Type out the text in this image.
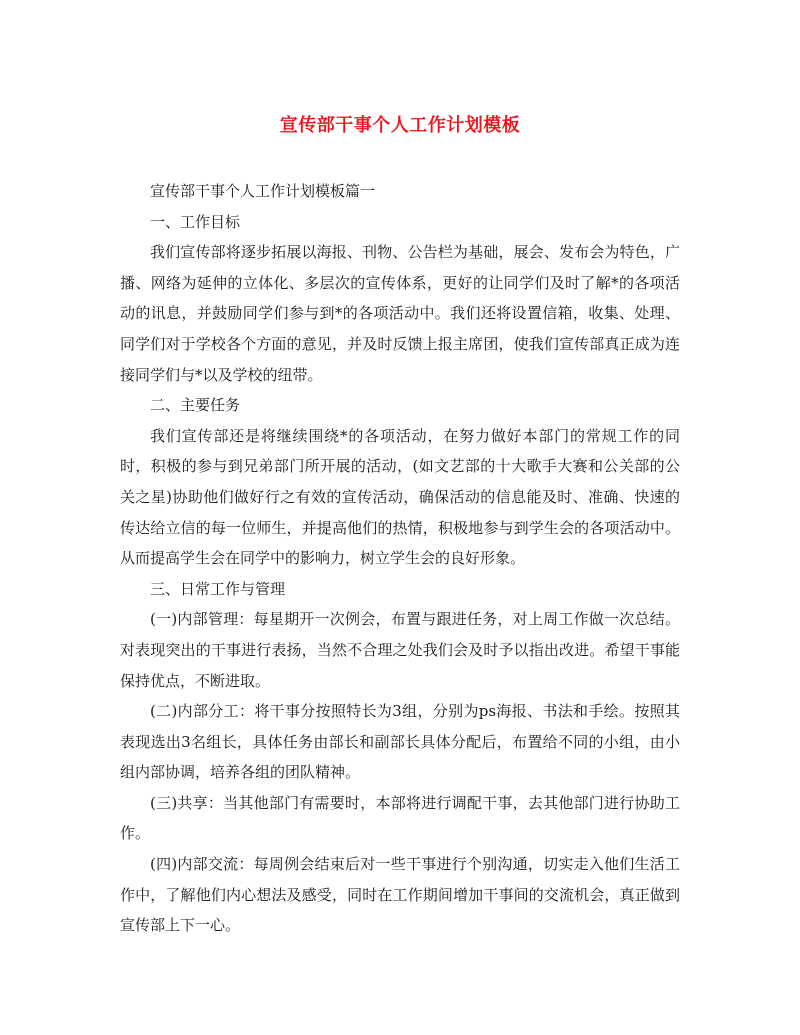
宣传部干事个人工作计划模板

宣传部干事个人工作计划模板篇一

一、工作目标

我们宣传部将逐步拓展以海报、刊物、公告栏为基础，展会、发布会为特色，广播、网络为延伸的立体化、多层次的宣传体系，更好的让同学们及时了解*的各项活动的讯息，并鼓励同学们参与到*的各项活动中。我们还将设置信箱，收集、处理、同学们对于学校各个方面的意见，并及时反馈上报主席团，使我们宣传部真正成为连接同学们与*以及学校的纽带。

二、主要任务

我们宣传部还是将继续围绕*的各项活动，在努力做好本部门的常规工作的同时，积极的参与到兄弟部门所开展的活动，(如文艺部的十大歌手大赛和公关部的公关之星)协助他们做好行之有效的宣传活动，确保活动的信息能及时、准确、快速的传达给立信的每一位师生，并提高他们的热情，积极地参与到学生会的各项活动中。从而提高学生会在同学中的影响力，树立学生会的良好形象。

三、日常工作与管理

(一)内部管理：每星期开一次例会，布置与跟进任务，对上周工作做一次总结。对表现突出的干事进行表扬，当然不合理之处我们会及时予以指出改进。希望干事能保持优点，不断进取。

(二)内部分工：将干事分按照特长为3组，分别为ps海报、书法和手绘。按照其表现选出3名组长，具体任务由部长和副部长具体分配后，布置给不同的小组，由小组内部协调，培养各组的团队精神。

(三)共享：当其他部门有需要时，本部将进行调配干事，去其他部门进行协助工作。

(四)内部交流：每周例会结束后对一些干事进行个别沟通，切实走入他们生活工作中，了解他们内心想法及感受，同时在工作期间增加干事间的交流机会，真正做到宣传部上下一心。
